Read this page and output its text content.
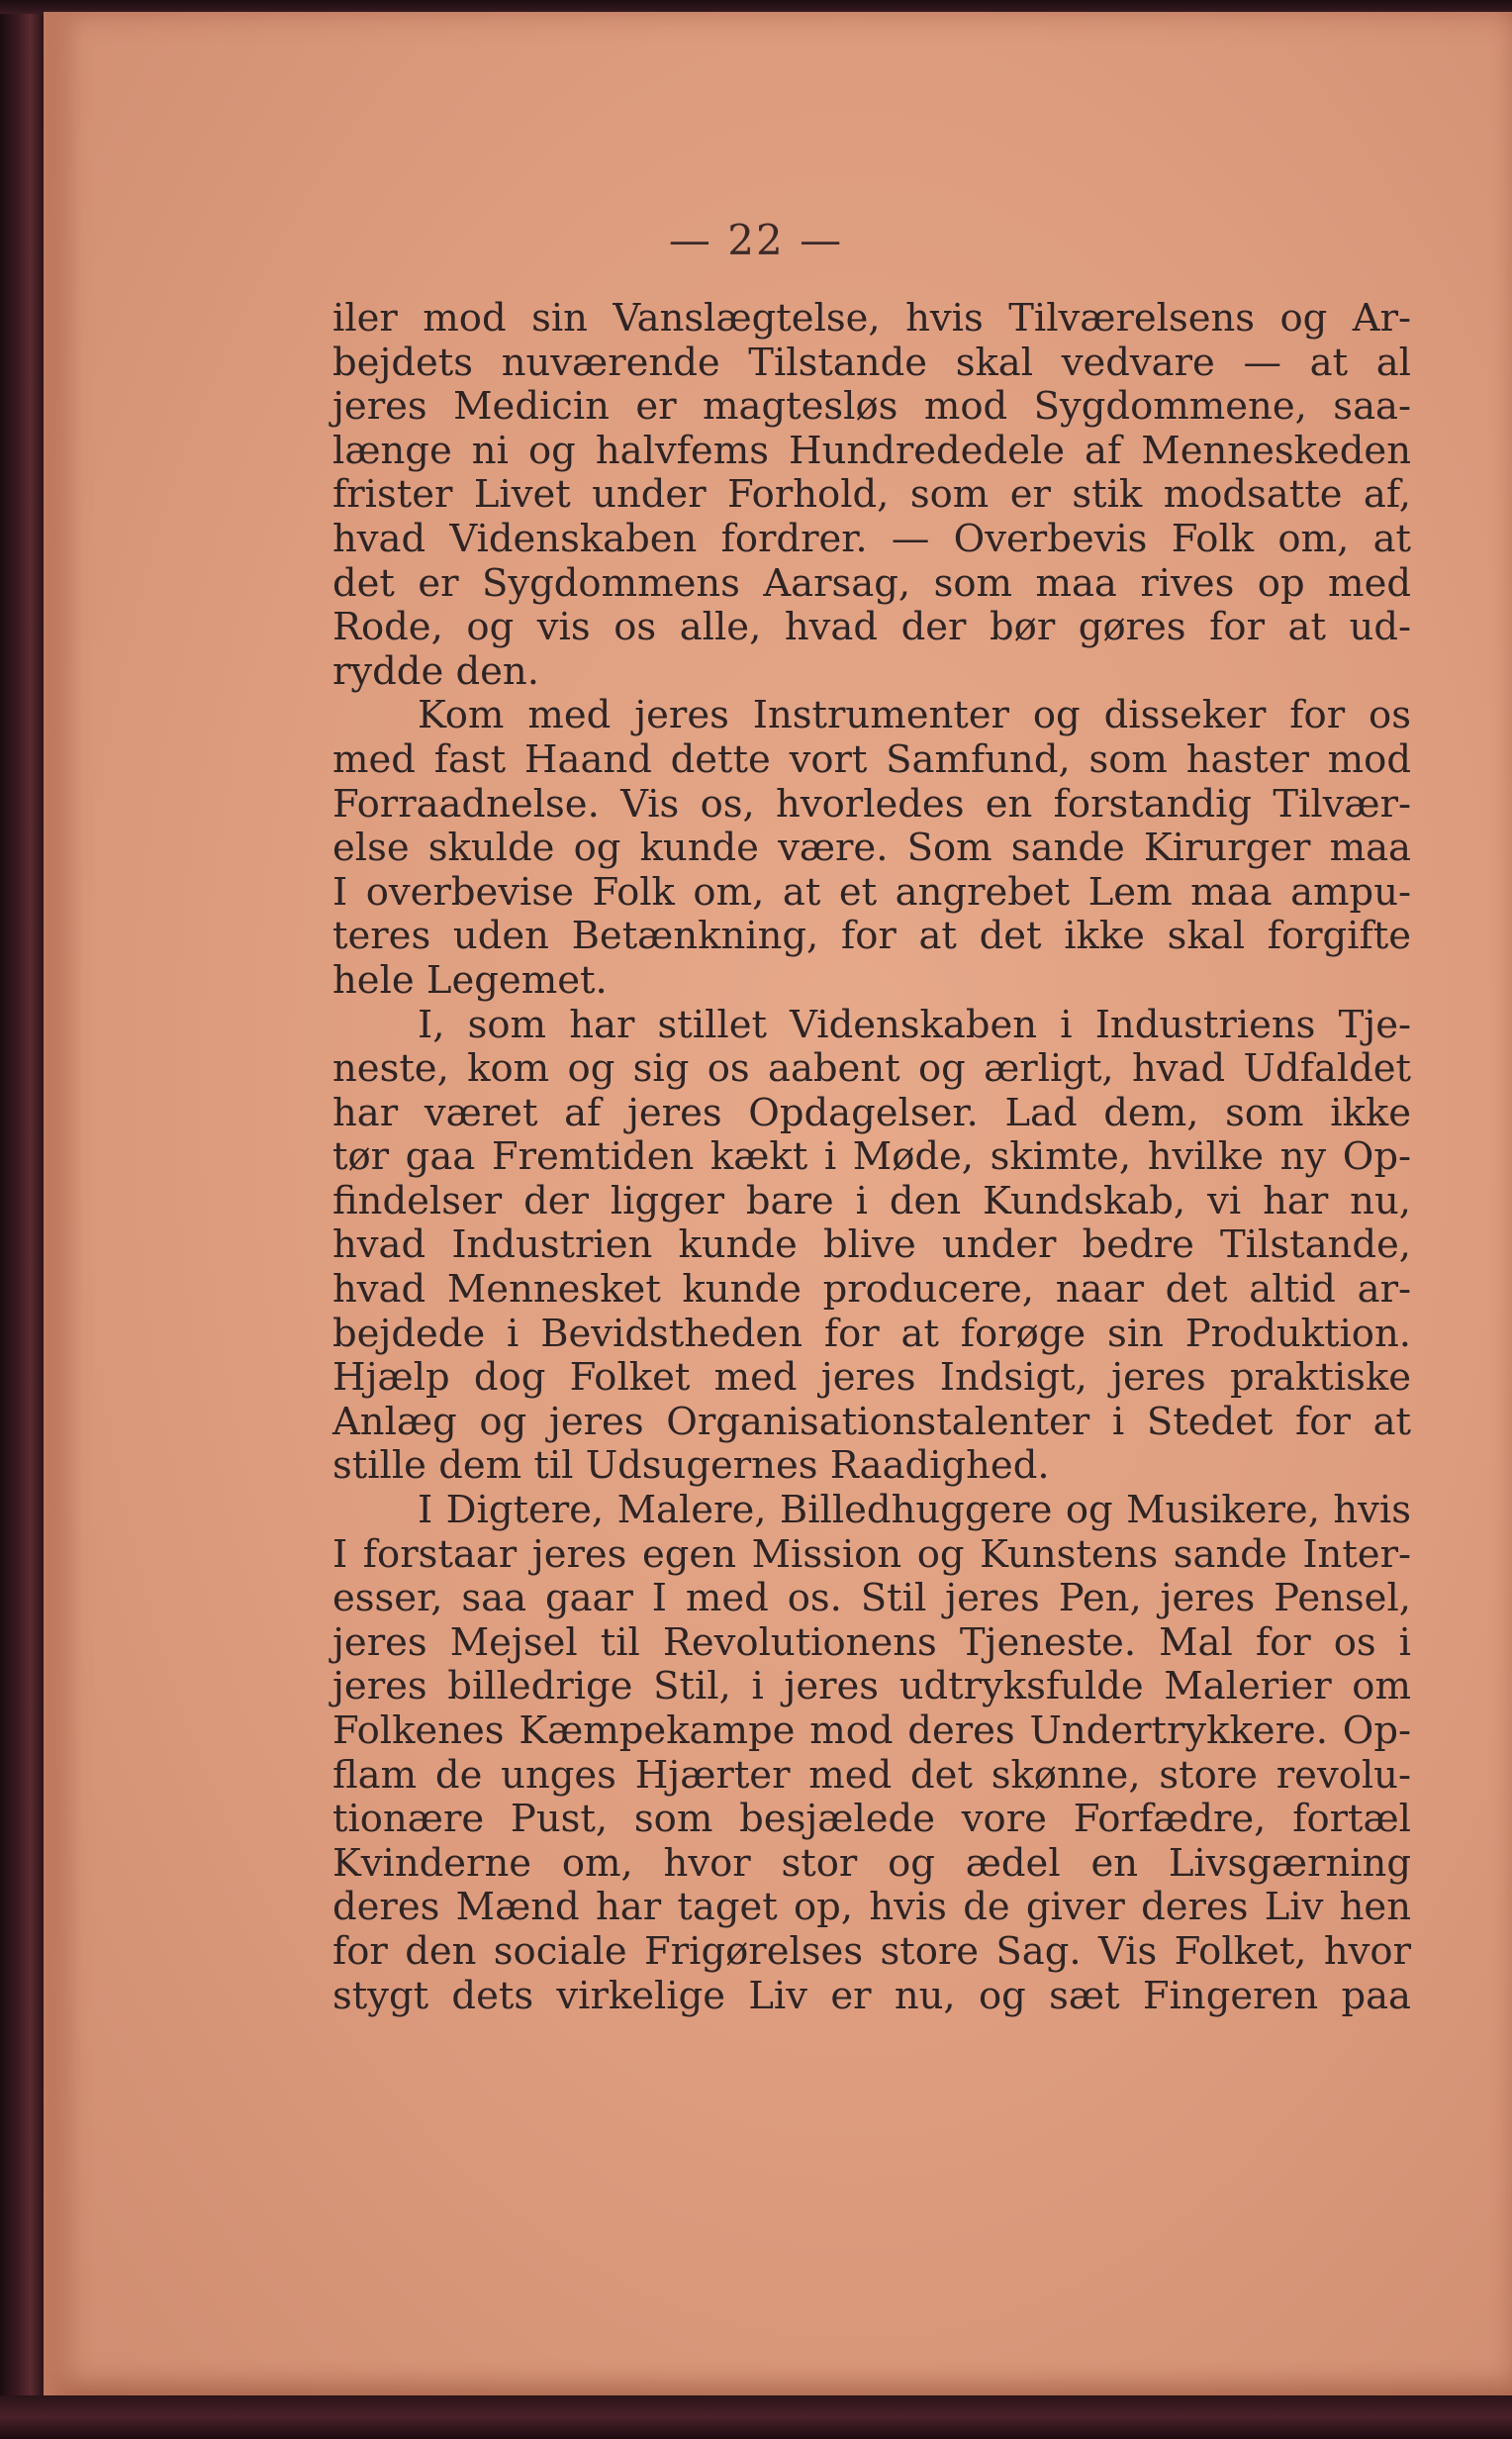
— 22 —
iler mod sin Vanslægtelse, hvis Tilværelsens og Ar-
bejdets nuværende Tilstande skal vedvare — at al
jeres Medicin er magtesløs mod Sygdommene, saa-
længe ni og halvfems Hundrededele af Menneskeden
frister Livet under Forhold, som er stik modsatte af,
hvad Videnskaben fordrer. — Overbevis Folk om, at
det er Sygdommens Aarsag, som maa rives op med
Rode, og vis os alle, hvad der bør gøres for at ud-
rydde den.
Kom med jeres Instrumenter og disseker for os
med fast Haand dette vort Samfund, som haster mod
Forraadnelse. Vis os, hvorledes en forstandig Tilvær-
else skulde og kunde være. Som sande Kirurger maa
I overbevise Folk om, at et angrebet Lem maa ampu-
teres uden Betænkning, for at det ikke skal forgifte
hele Legemet.
I, som har stillet Videnskaben i Industriens Tje-
neste, kom og sig os aabent og ærligt, hvad Udfaldet
har været af jeres Opdagelser. Lad dem, som ikke
tør gaa Fremtiden kækt i Møde, skimte, hvilke ny Op-
findelser der ligger bare i den Kundskab, vi har nu,
hvad Industrien kunde blive under bedre Tilstande,
hvad Mennesket kunde producere, naar det altid ar-
bejdede i Bevidstheden for at forøge sin Produktion.
Hjælp dog Folket med jeres Indsigt, jeres praktiske
Anlæg og jeres Organisationstalenter i Stedet for at
stille dem til Udsugernes Raadighed.
I Digtere, Malere, Billedhuggere og Musikere, hvis
I forstaar jeres egen Mission og Kunstens sande Inter-
esser, saa gaar I med os. Stil jeres Pen, jeres Pensel,
jeres Mejsel til Revolutionens Tjeneste. Mal for os i
jeres billedrige Stil, i jeres udtryksfulde Malerier om
Folkenes Kæmpekampe mod deres Undertrykkere. Op-
flam de unges Hjærter med det skønne, store revolu-
tionære Pust, som besjælede vore Forfædre, fortæl
Kvinderne om, hvor stor og ædel en Livsgærning
deres Mænd har taget op, hvis de giver deres Liv hen
for den sociale Frigørelses store Sag. Vis Folket, hvor
stygt dets virkelige Liv er nu, og sæt Fingeren paa
